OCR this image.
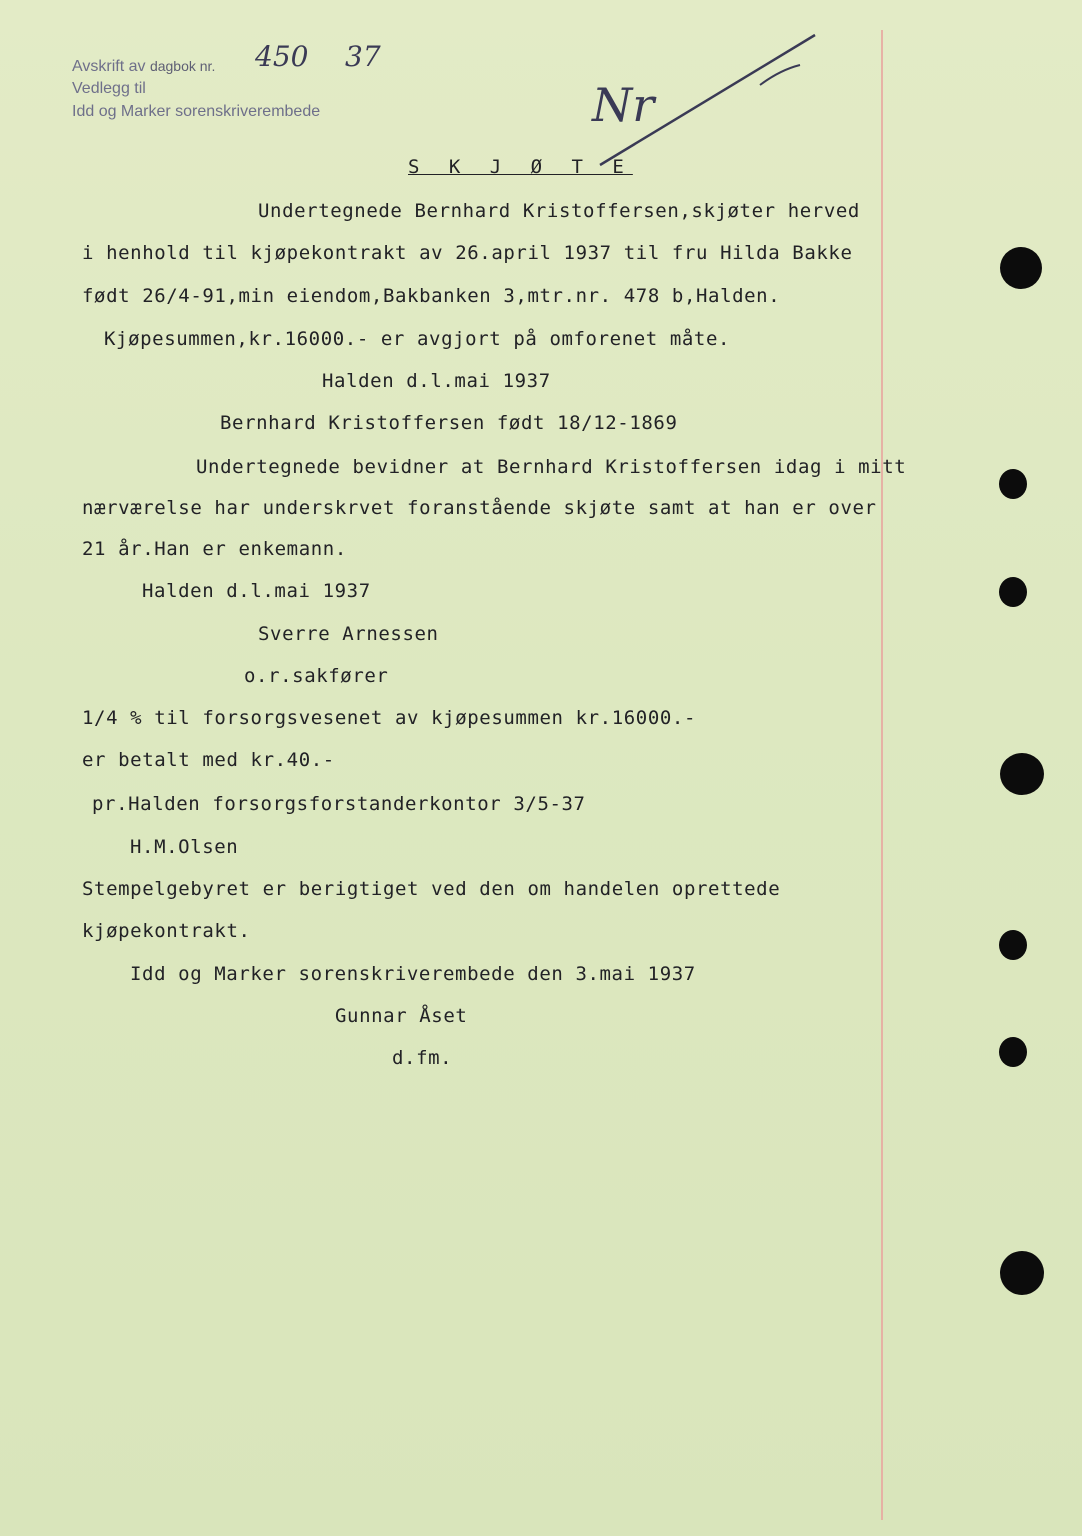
Avskrift av dagbok nr.
Vedlegg til
Idd og Marker sorenskriverembede
450 37
Nr
S K J Ø T E
Undertegnede Bernhard Kristoffersen,skjøter herved
i henhold til kjøpekontrakt av 26.april 1937 til fru Hilda Bakke
født 26/4-91,min eiendom,Bakbanken 3,mtr.nr. 478 b,Halden.
Kjøpesummen,kr.16000.- er avgjort på omforenet måte.
Halden d.l.mai 1937
Bernhard Kristoffersen født 18/12-1869
Undertegnede bevidner at Bernhard Kristoffersen idag i mitt
nærværelse har underskrvet foranstående skjøte samt at han er over
21 år.Han er enkemann.
Halden d.l.mai 1937
Sverre Arnessen
o.r.sakfører
1/4 % til forsorgsvesenet av kjøpesummen kr.16000.-
er betalt med kr.40.-
pr.Halden forsorgsforstanderkontor 3/5-37
H.M.Olsen
Stempelgebyret er berigtiget ved den om handelen oprettede
kjøpekontrakt.
Idd og Marker sorenskriverembede den 3.mai 1937
Gunnar Åset
d.fm.
